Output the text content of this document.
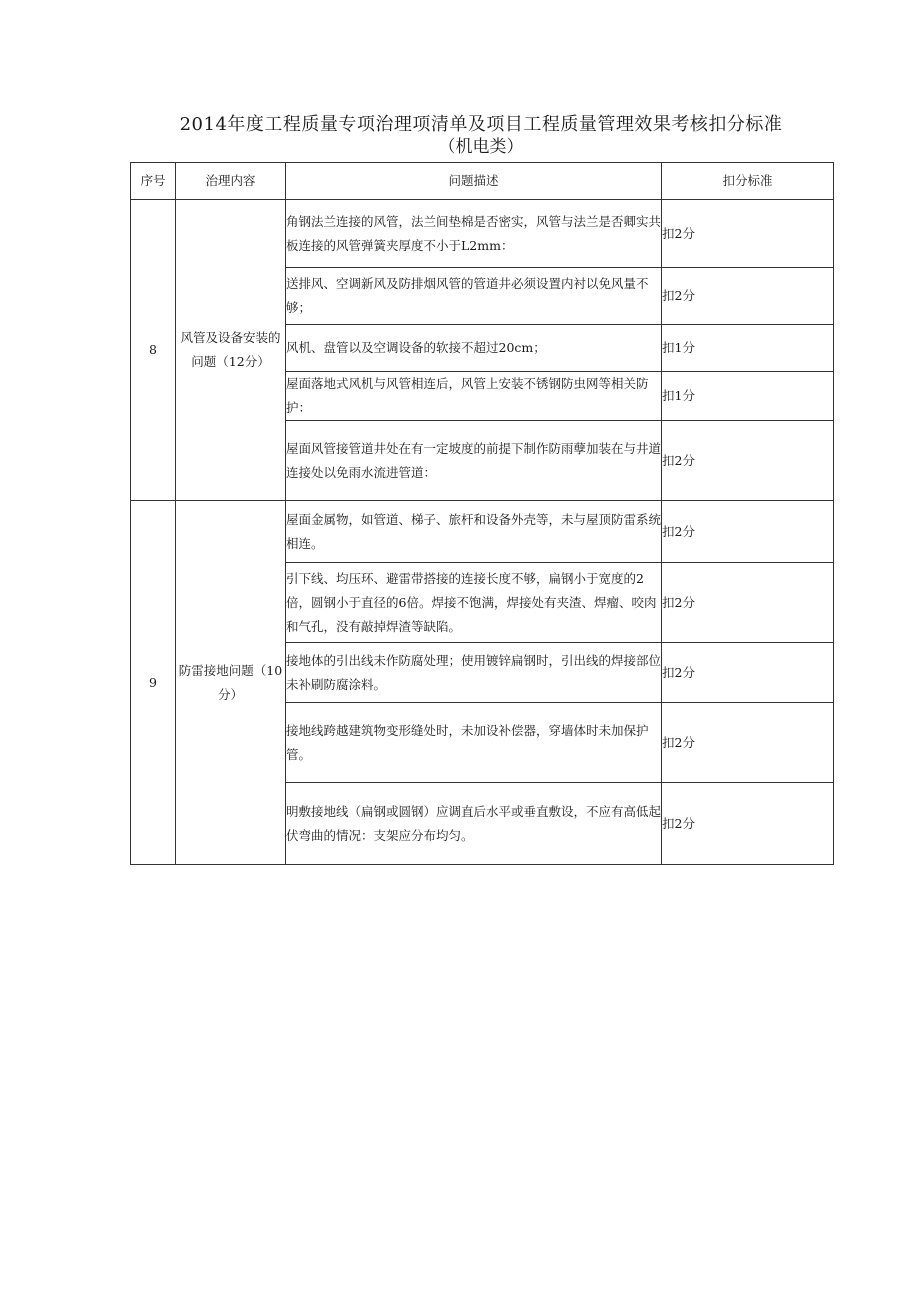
2014年度工程质量专项治理项清单及项目工程质量管理效果考核扣分标准
（机电类）
序号	治理内容	问题描述	扣分标准
8	风管及设备安装的问题（12分）	角钢法兰连接的风管，法兰间垫棉是否密实，风管与法兰是否卿实共板连接的风管弹簧夹厚度不小于L2mm：	扣2分
		送排风、空调新风及防排烟风管的管道井必须设置内衬以免风量不够；	扣2分
		风机、盘管以及空调设备的软接不超过20cm；	扣1分
		屋面落地式风机与风管相连后，风管上安装不锈钢防虫网等相关防护：	扣1分
		屋面风管接管道井处在有一定坡度的前提下制作防雨孽加装在与井道连接处以免雨水流进管道：	扣2分
9	防雷接地问题（10分）	屋面金属物，如管道、梯子、旅杆和设备外壳等，未与屋顶防雷系统相连。	扣2分
		引下线、均压环、避雷带搭接的连接长度不够，扁钢小于宽度的2倍，圆钢小于直径的6倍。焊接不饱满，焊接处有夹渣、焊瘤、咬肉和气孔，没有敲掉焊渣等缺陷。	扣2分
		接地体的引出线未作防腐处理；使用镀锌扁钢时，引出线的焊接部位未补刷防腐涂料。	扣2分
		接地线跨越建筑物变形缝处时，未加设补偿器，穿墙体时未加保护管。	扣2分
		明敷接地线（扁钢或圆钢）应调直后水平或垂直敷设，不应有高低起伏弯曲的情况：支架应分布均匀。	扣2分
